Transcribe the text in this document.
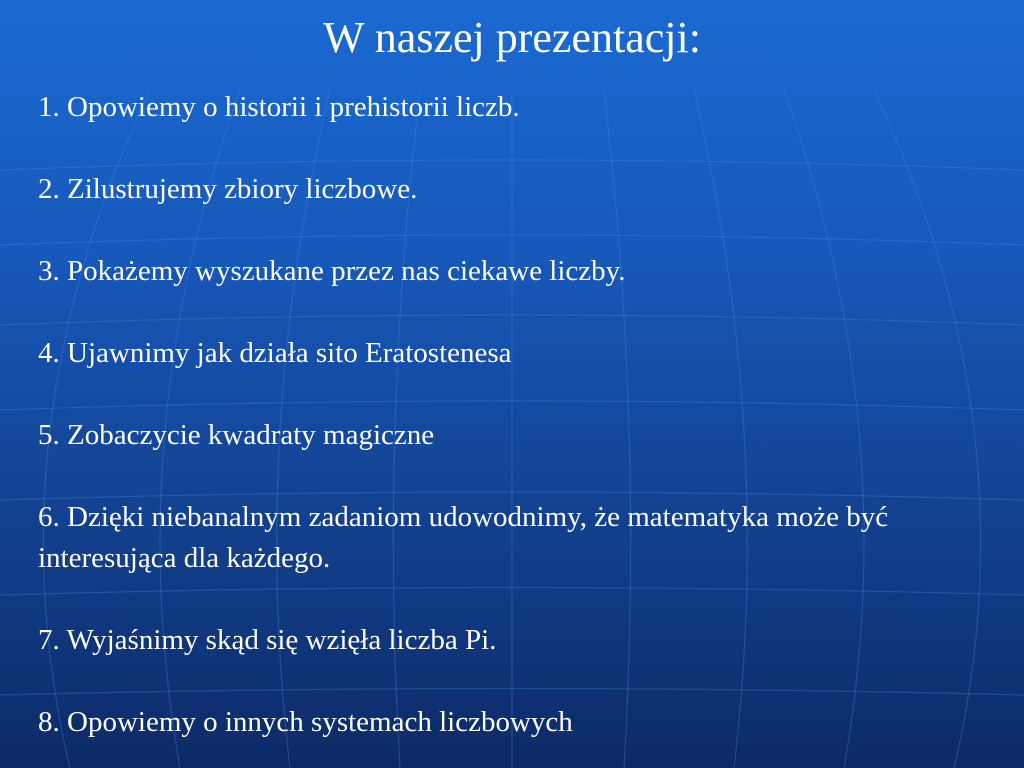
W naszej prezentacji:
1. Opowiemy o historii i prehistorii liczb.
2. Zilustrujemy zbiory liczbowe.
3. Pokażemy wyszukane przez nas ciekawe liczby.
4. Ujawnimy jak działa sito Eratostenesa
5. Zobaczycie kwadraty magiczne
6. Dzięki niebanalnym zadaniom udowodnimy, że matematyka może być interesująca dla każdego.
7. Wyjaśnimy skąd się wzięła liczba Pi.
8. Opowiemy o innych systemach liczbowych
